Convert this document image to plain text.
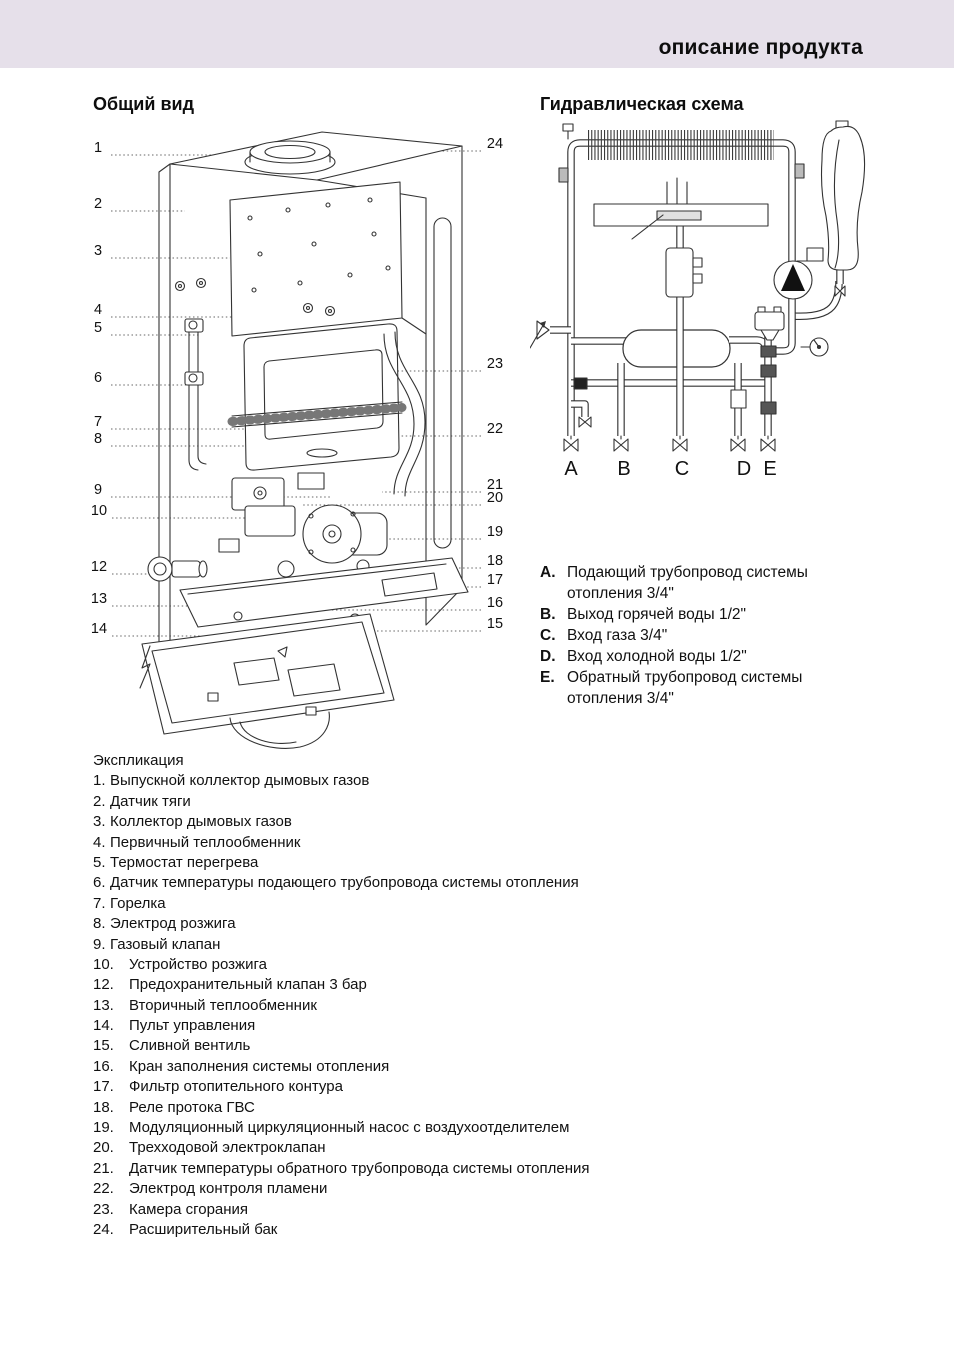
описание продукта
Общий вид	Гидравлическая схема
1
2
3
4
5
6
7
8
9
10
12
13
14
24
23
22
21
20
19
18
17
16
15
A B C D E
A. Подающий трубопровод системы отопления 3/4"
B. Выход горячей воды 1/2"
C. Вход газа 3/4"
D. Вход холодной воды 1/2"
E. Обратный трубопровод системы отопления 3/4"
Экспликация
1. Выпускной коллектор дымовых газов
2. Датчик тяги
3. Коллектор дымовых газов
4. Первичный теплообменник
5. Термостат перегрева
6. Датчик температуры подающего трубопровода системы отопления
7. Горелка
8. Электрод розжига
9. Газовый клапан
10.	Устройство розжига
12.	Предохранительный клапан 3 бар
13.	Вторичный теплообменник
14.	Пульт управления
15.	Сливной вентиль
16.	Кран заполнения системы отопления
17.	Фильтр отопительного контура
18.	Реле протока ГВС
19.	Модуляционный циркуляционный насос с воздухоотделителем
20.	Трехходовой электроклапан
21.	Датчик температуры обратного трубопровода системы отопления
22.	Электрод контроля пламени
23.	Камера сгорания
24.	Расширительный бак
